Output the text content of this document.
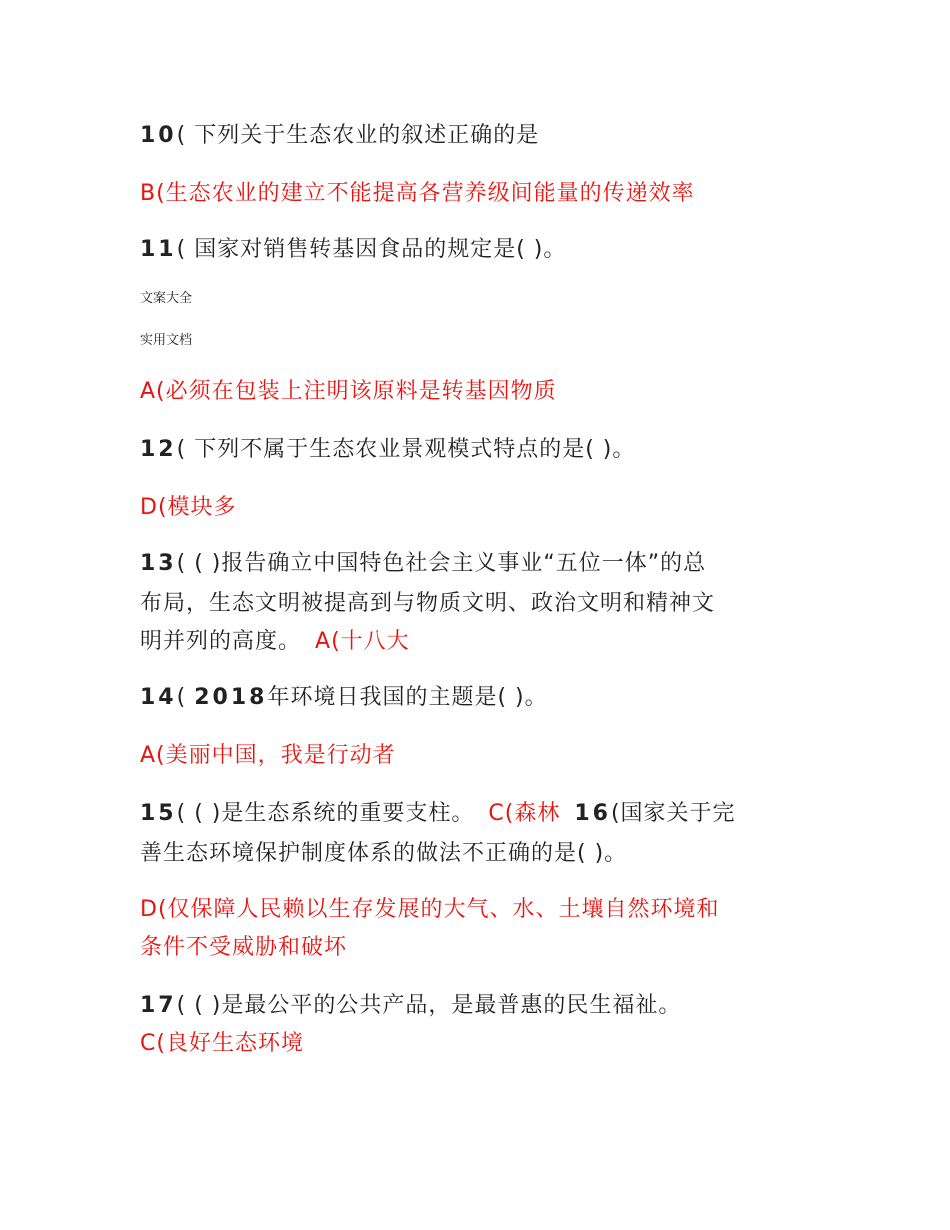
10( 下列关于生态农业的叙述正确的是
B(生态农业的建立不能提高各营养级间能量的传递效率
11( 国家对销售转基因食品的规定是( )。
文案大全
实用文档
A(必须在包装上注明该原料是转基因物质
12( 下列不属于生态农业景观模式特点的是( )。
D(模块多
13( ( )报告确立中国特色社会主义事业“五位一体”的总
布局，生态文明被提高到与物质文明、政治文明和精神文
明并列的高度。 A(十八大
14( 2018年环境日我国的主题是( )。
A(美丽中国，我是行动者
15( ( )是生态系统的重要支柱。 C(森林 16(国家关于完
善生态环境保护制度体系的做法不正确的是( )。
D(仅保障人民赖以生存发展的大气、水、土壤自然环境和
条件不受威胁和破坏
17( ( )是最公平的公共产品，是最普惠的民生福祉。
C(良好生态环境
